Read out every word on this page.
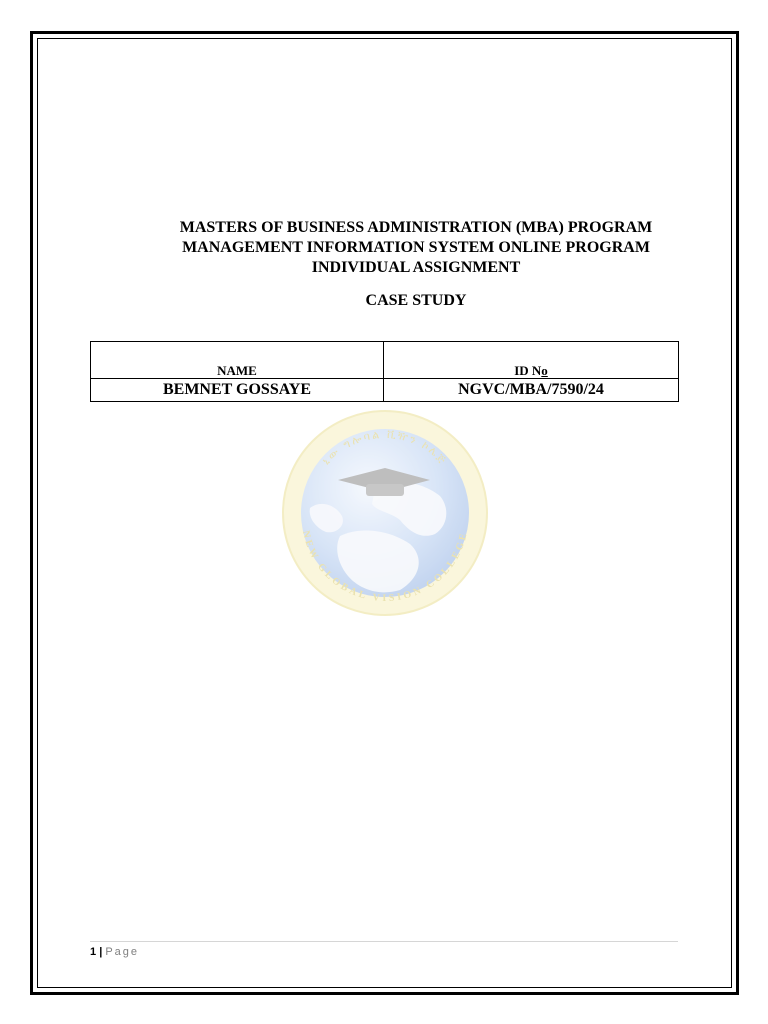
MASTERS OF BUSINESS ADMINISTRATION (MBA) PROGRAM
MANAGEMENT INFORMATION SYSTEM ONLINE PROGRAM
INDIVIDUAL ASSIGNMENT
CASE STUDY
NAME	ID No
BEMNET GOSSAYE	NGVC/MBA/7590/24
ኒው ግሎባል ቪዥን ኮሌጅ
NEW GLOBAL VISION COLLEGE
1 | Page
